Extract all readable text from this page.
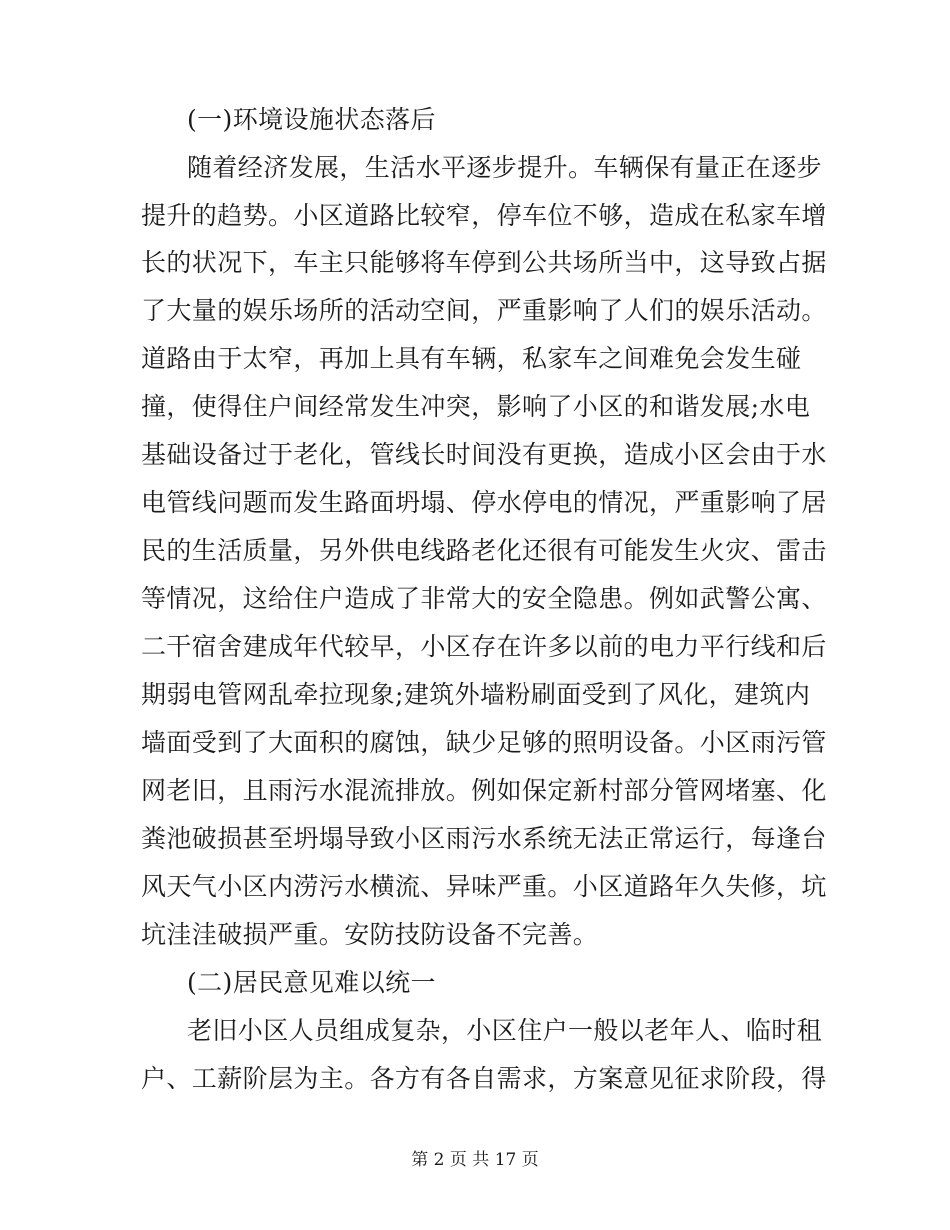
(一)环境设施状态落后
随着经济发展，生活水平逐步提升。车辆保有量正在逐步
提升的趋势。小区道路比较窄，停车位不够，造成在私家车增
长的状况下，车主只能够将车停到公共场所当中，这导致占据
了大量的娱乐场所的活动空间，严重影响了人们的娱乐活动。
道路由于太窄，再加上具有车辆，私家车之间难免会发生碰
撞，使得住户间经常发生冲突，影响了小区的和谐发展;水电
基础设备过于老化，管线长时间没有更换，造成小区会由于水
电管线问题而发生路面坍塌、停水停电的情况，严重影响了居
民的生活质量，另外供电线路老化还很有可能发生火灾、雷击
等情况，这给住户造成了非常大的安全隐患。例如武警公寓、
二干宿舍建成年代较早，小区存在许多以前的电力平行线和后
期弱电管网乱牵拉现象;建筑外墙粉刷面受到了风化，建筑内
墙面受到了大面积的腐蚀，缺少足够的照明设备。小区雨污管
网老旧，且雨污水混流排放。例如保定新村部分管网堵塞、化
粪池破损甚至坍塌导致小区雨污水系统无法正常运行，每逢台
风天气小区内涝污水横流、异味严重。小区道路年久失修，坑
坑洼洼破损严重。安防技防设备不完善。
(二)居民意见难以统一
老旧小区人员组成复杂，小区住户一般以老年人、临时租
户、工薪阶层为主。各方有各自需求，方案意见征求阶段，得
第 2 页 共 17 页
